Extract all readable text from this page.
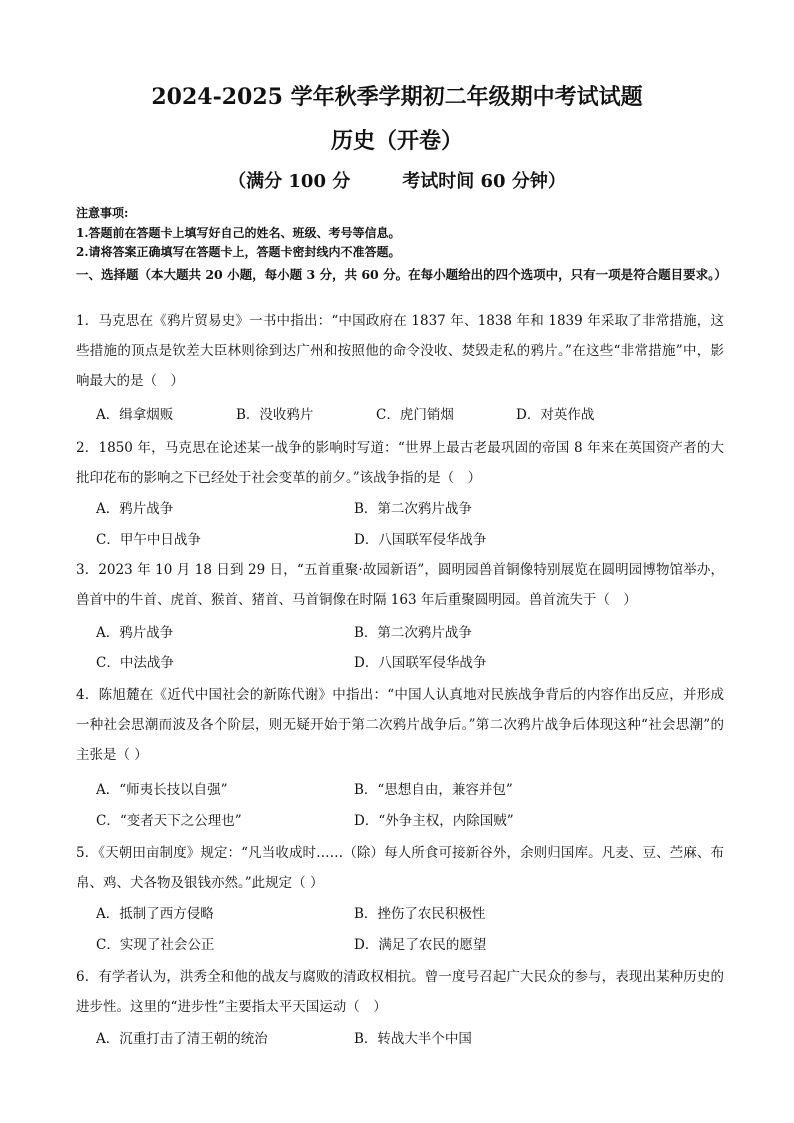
2024-2025 学年秋季学期初二年级期中考试试题
历史（开卷）
（满分 100 分	考试时间 60 分钟）

注意事项:

1.答题前在答题卡上填写好自己的姓名、班级、考号等信息。

2.请将答案正确填写在答题卡上，答题卡密封线内不准答题。

一、选择题（本大题共 20 小题，每小题 3 分，共 60 分。在每小题给出的四个选项中，只有一项是符合题目要求。）
1．马克思在《鸦片贸易史》一书中指出：“中国政府在 1837 年、1838 年和 1839 年采取了非常措施，这些措施的顶点是钦差大臣林则徐到达广州和按照他的命令没收、焚毁走私的鸦片。”在这些“非常措施”中，影响最大的是（　）
A．缉拿烟贩	B．没收鸦片	C．虎门销烟	D．对英作战
2．1850 年，马克思在论述某一战争的影响时写道：“世界上最古老最巩固的帝国 8 年来在英国资产者的大批印花布的影响之下已经处于社会变革的前夕。”该战争指的是（　）
A．鸦片战争	B．第二次鸦片战争
C．甲午中日战争	D．八国联军侵华战争
3．2023 年 10 月 18 日到 29 日，“五首重聚·故园新语”，圆明园兽首铜像特别展览在圆明园博物馆举办，兽首中的牛首、虎首、猴首、猪首、马首铜像在时隔 163 年后重聚圆明园。兽首流失于（　）
A．鸦片战争	B．第二次鸦片战争
C．中法战争	D．八国联军侵华战争
4．陈旭麓在《近代中国社会的新陈代谢》中指出：“中国人认真地对民族战争背后的内容作出反应，并形成一种社会思潮而波及各个阶层，则无疑开始于第二次鸦片战争后。”第二次鸦片战争后体现这种“社会思潮”的主张是（ ）
A．“师夷长技以自强”	B．“思想自由，兼容并包”
C．“变者天下之公理也”	D．“外争主权，内除国贼”
5．《天朝田亩制度》规定：“凡当收成时……（除）每人所食可接新谷外，余则归国库。凡麦、豆、苎麻、布帛、鸡、犬各物及银钱亦然。”此规定（ ）
A．抵制了西方侵略	B．挫伤了农民积极性
C．实现了社会公正	D．满足了农民的愿望
6．有学者认为，洪秀全和他的战友与腐败的清政权相抗。曾一度号召起广大民众的参与，表现出某种历史的进步性。这里的“进步性”主要指太平天国运动（　）
A．沉重打击了清王朝的统治	B．转战大半个中国
